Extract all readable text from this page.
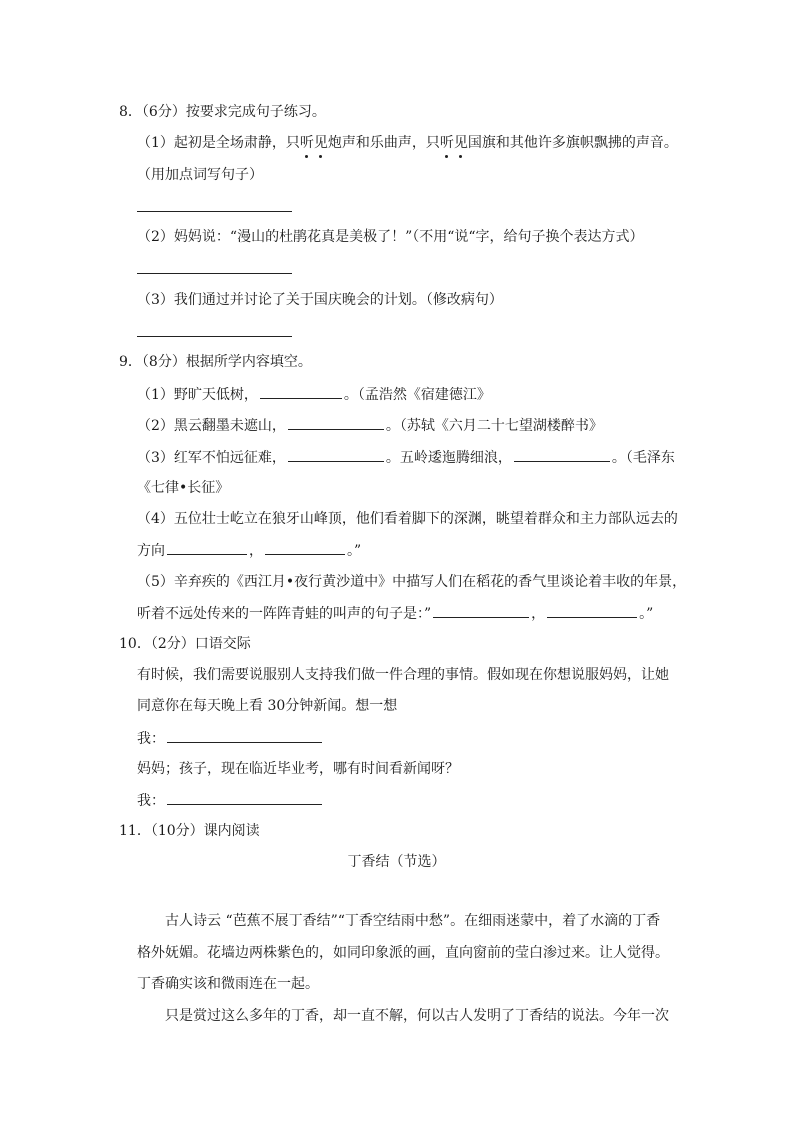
8．（6分）按要求完成句子练习。
（1）起初是全场肃静，只听见炮声和乐曲声，只听见国旗和其他许多旗帜飘拂的声音。
（用加点词写句子）
（2）妈妈说：“漫山的杜鹃花真是美极了！”（不用“说“字，给句子换个表达方式）
（3）我们通过并讨论了关于国庆晚会的计划。（修改病句）
9．（8分）根据所学内容填空。
（1）野旷天低树，	。（孟浩然《宿建德江》
（2）黑云翻墨未遮山，	。（苏轼《六月二十七望湖楼醉书》
（3）红军不怕远征难，	。五岭逶迤腾细浪，	。（毛泽东
《七律•长征》
（4）五位壮士屹立在狼牙山峰顶，他们看着脚下的深渊，眺望着群众和主力部队远去的
方向	，	。”
（5）辛弃疾的《西江月•夜行黄沙道中》中描写人们在稻花的香气里谈论着丰收的年景，
听着不远处传来的一阵阵青蛙的叫声的句子是：”	，	。”
10．（2分）口语交际
有时候，我们需要说服别人支持我们做一件合理的事情。假如现在你想说服妈妈，让她
同意你在每天晚上看 30分钟新闻。想一想
我：
妈妈；孩子，现在临近毕业考，哪有时间看新闻呀？
我：
11．（10分）课内阅读
丁香结（节选）
古人诗云 “芭蕉不展丁香结”“丁香空结雨中愁”。在细雨迷蒙中，着了水滴的丁香
格外妩媚。花墙边两株紫色的，如同印象派的画，直向窗前的莹白渗过来。让人觉得。
丁香确实该和微雨连在一起。
只是赏过这么多年的丁香，却一直不解，何以古人发明了丁香结的说法。今年一次
